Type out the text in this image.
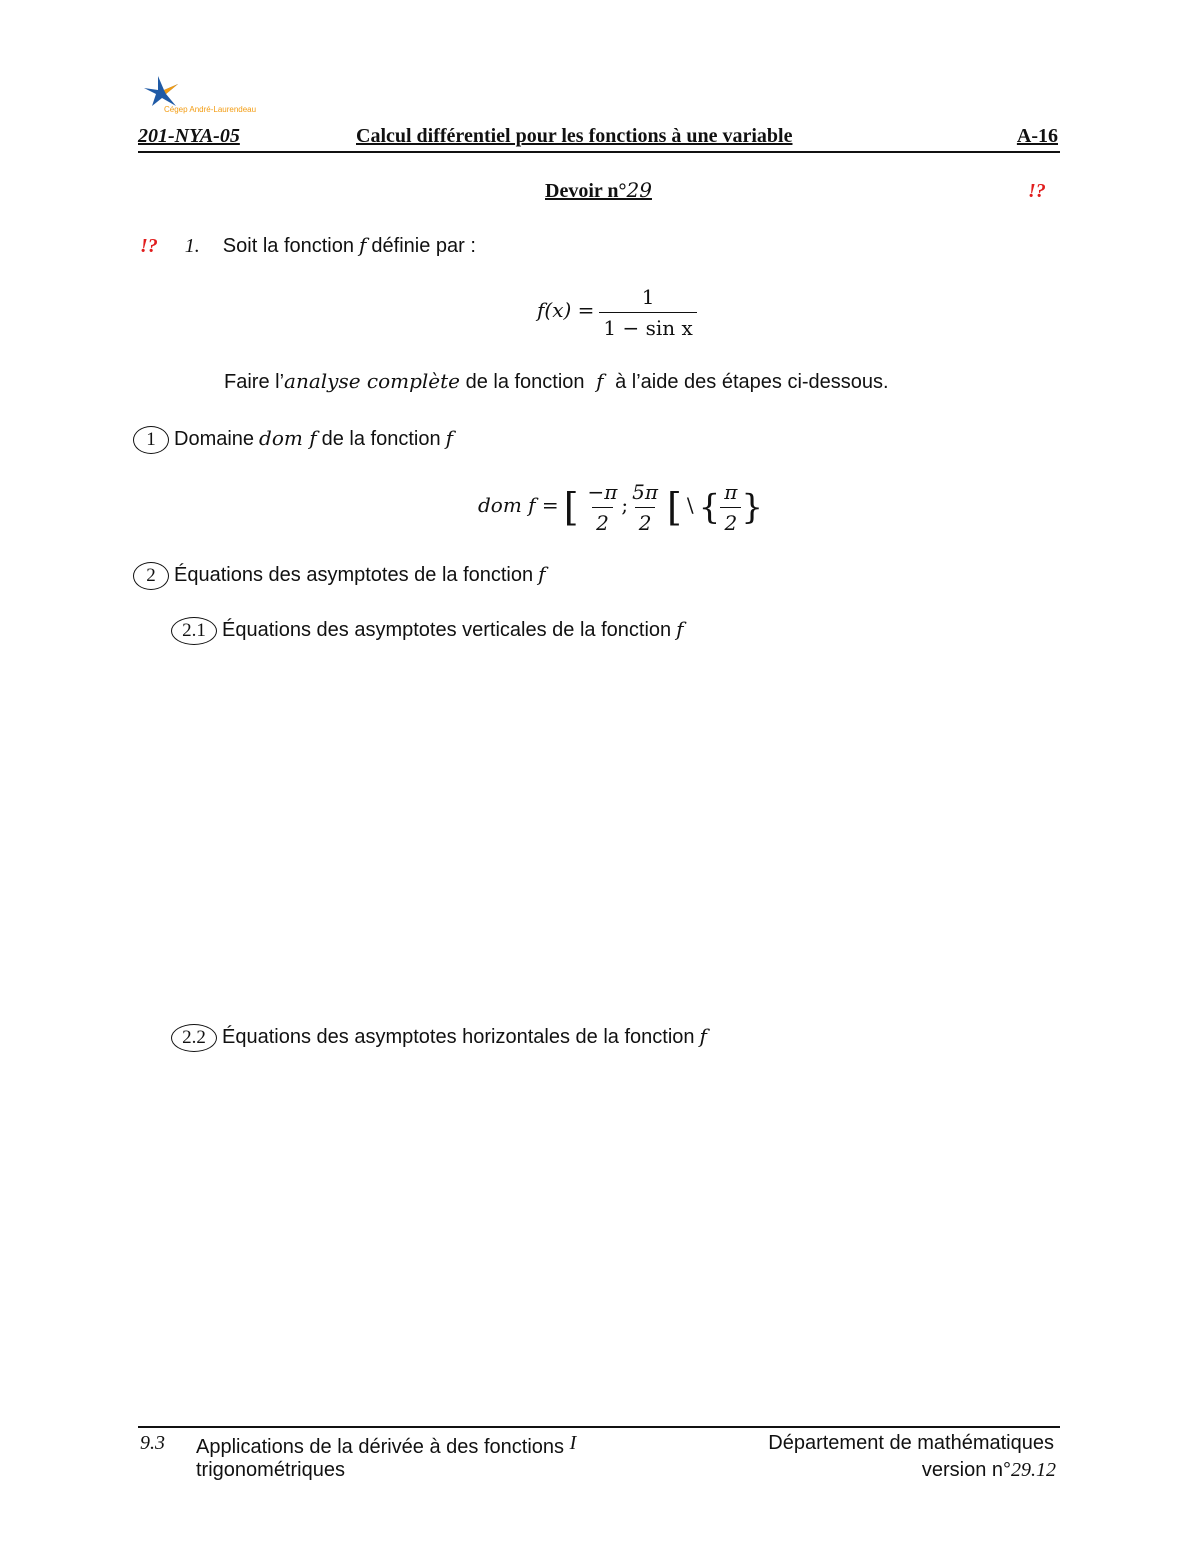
Cégep André-Laurendeau
201-NYA-05	Calcul différentiel pour les fonctions à une variable	A-16
Devoir n°29	!?
!? 1. Soit la fonction f définie par :
$f(x) = \frac{1}{\text{1 − sin x}}$
Faire l’analyse complète de la fonction f à l’aide des étapes ci-dessous.
1 Domaine dom f de la fonction f
dom f = [ $\frac{-\pi}{2}$ ; $\frac{5\pi}{2}$ [ \ { $\frac{\pi}{2}$ }
2 Équations des asymptotes de la fonction f
2.1 Équations des asymptotes verticales de la fonction f
2.2 Équations des asymptotes horizontales de la fonction f
9.3 Applications de la dérivée à des fonctions I
trigonométriques
Département de mathématiques
version n°29.12
